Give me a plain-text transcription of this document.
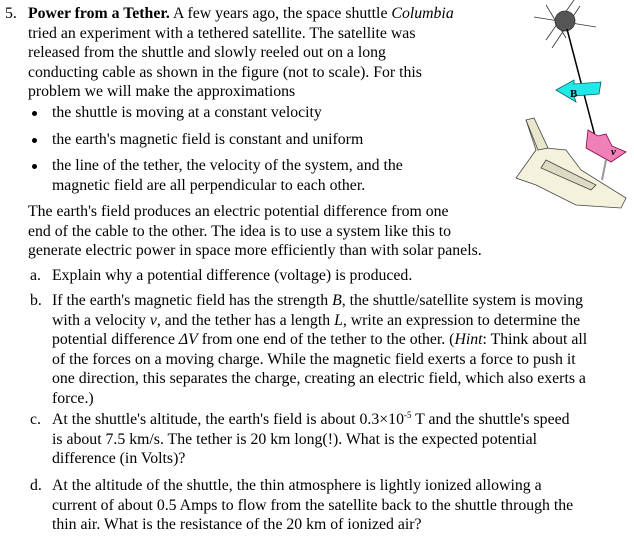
5. Power from a Tether. A few years ago, the space shuttle Columbia
tried an experiment with a tethered satellite. The satellite was
released from the shuttle and slowly reeled out on a long
conducting cable as shown in the figure (not to scale). For this
problem we will make the approximations
the shuttle is moving at a constant velocity
the earth's magnetic field is constant and uniform
the line of the tether, the velocity of the system, and the
magnetic field are all perpendicular to each other.
The earth's field produces an electric potential difference from one
end of the cable to the other. The idea is to use a system like this to
generate electric power in space more efficiently than with solar panels.
a. Explain why a potential difference (voltage) is produced.
b. If the earth's magnetic field has the strength B, the shuttle/satellite system is moving
with a velocity v, and the tether has a length L, write an expression to determine the
potential difference ΔV from one end of the tether to the other. (Hint: Think about all
of the forces on a moving charge. While the magnetic field exerts a force to push it
one direction, this separates the charge, creating an electric field, which also exerts a
force.)
c. At the shuttle's altitude, the earth's field is about $0.3\times 10^{-5}$ T and the shuttle's speed
is about 7.5 km/s. The tether is 20 km long(!). What is the expected potential
difference (in Volts)?
d. At the altitude of the shuttle, the thin atmosphere is lightly ionized allowing a
current of about 0.5 Amps to flow from the satellite back to the shuttle through the
thin air. What is the resistance of the 20 km of ionized air?
B
v
